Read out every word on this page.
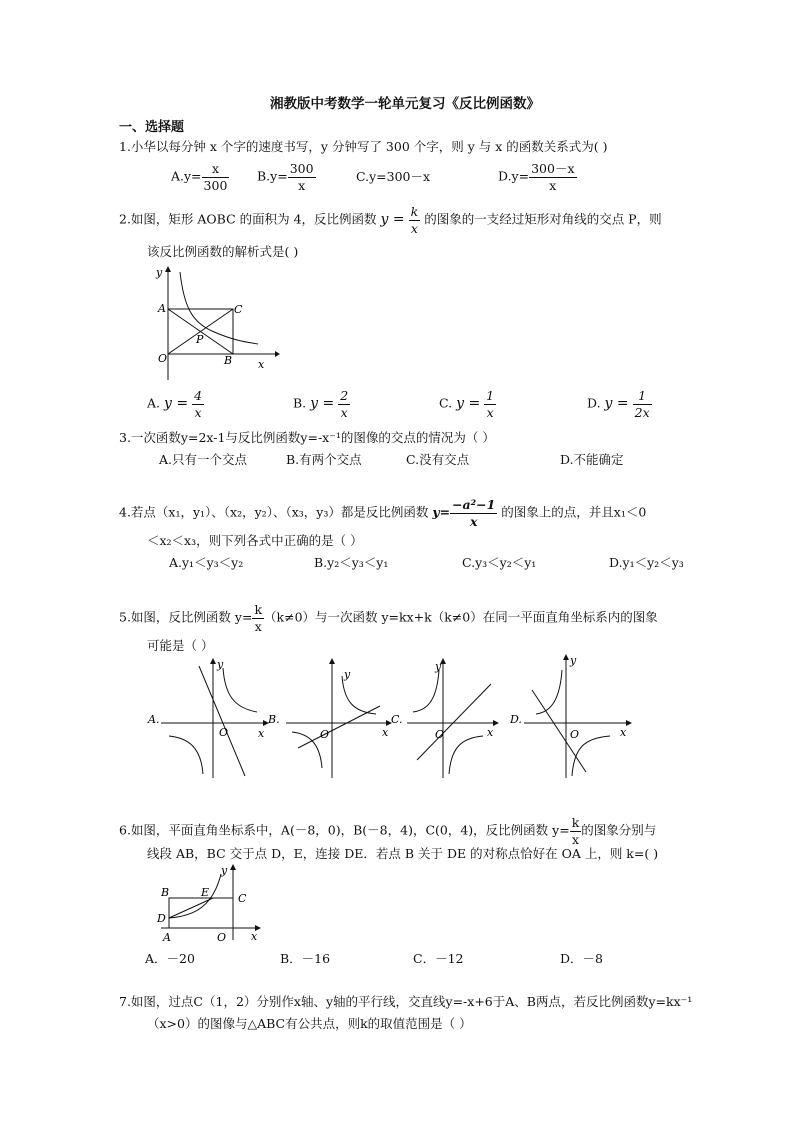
湘教版中考数学一轮单元复习《反比例函数》
一、选择题
1.小华以每分钟 x 个字的速度书写，y 分钟写了 300 个字，则 y 与 x 的函数关系式为( )
$A.y= \frac{x}{300} B.y= \frac{300}{x}$	C.y=300－x	$D.y= \frac{300-x}{x}$
2.如图，矩形 AOBC 的面积为 4，反比例函数 $y = \frac{k}{x}$ 的图象的一支经过矩形对角线的交点 P，则
该反比例函数的解析式是( )
A	C
P
O	B x
y
A. $y = \frac{4}{x}$	B. $y = \frac{2}{x}$	C. $y = \frac{1}{x}$	D. $y = \frac{1}{2x}$
3.一次函数y=2x-1与反比例函数y=-x⁻¹的图像的交点的情况为（ ）
A.只有一个交点	B.有两个交点	C.没有交点	D.不能确定
4.若点（x₁，y₁）、（x₂，y₂）、（x₃，y₃）都是反比例函数 $y= \frac{\text{−a²−1}}{x}$ 的图象上的点，并且x₁＜0
＜x₂＜x₃，则下列各式中正确的是（ ）
A.y₁＜y₃＜y₂	B.y₂＜y₃＜y₁	C.y₃＜y₂＜y₁	D.y₁＜y₂＜y₃
5.如图，反比例函数 $y= \frac{k}{x} (k\ne 0)$与一次函数 y=kx+k（k≠0）在同一平面直角坐标系内的图象
可能是（ ）
A.
O	x
y
B.
O	x
y
C.
O	x
y
D.
O	x
y
6.如图，平面直角坐标系中，A(－8，0)，B(－8，4)，C(0，4)，反比例函数 $y= \frac{k}{x}$ 的图象分别与
线段 AB，BC 交于点 D，E，连接 DE．若点 B 关于 DE 的对称点恰好在 OA 上，则 k=( )
B	E	C
D
A	O x
y
A．－20	B．－16	C．－12	D．－8
7.如图，过点C（1，2）分别作x轴、y轴的平行线，交直线y=-x+6于A、B两点，若反比例函数y=kx⁻¹
（x>0）的图像与△ABC有公共点，则k的取值范围是（ ）
